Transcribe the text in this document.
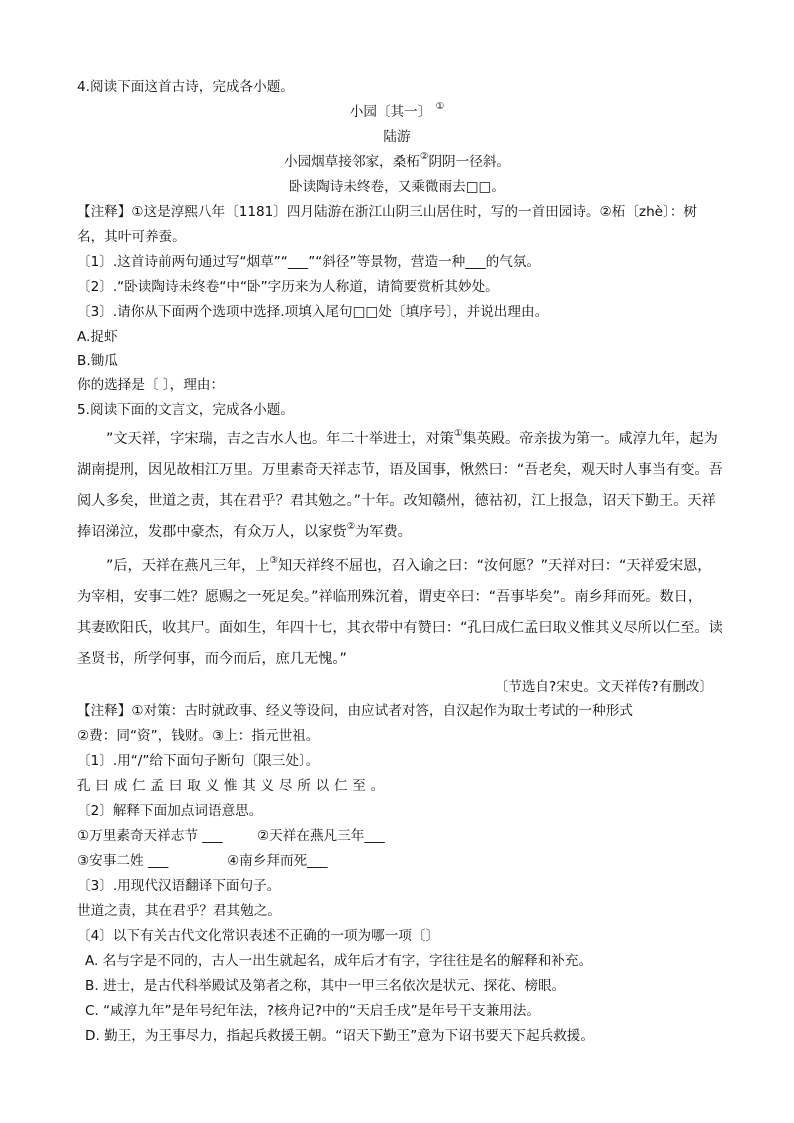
4.阅读下面这首古诗，完成各小题。
小园〔其一〕 ①
陆游
小园烟草接邻家，桑柘②阴阴一径斜。
卧读陶诗未终卷，又乘微雨去□□。
【注释】①这是淳熙八年〔1181〕四月陆游在浙江山阴三山居住时，写的一首田园诗。②柘〔zhè〕：树
名，其叶可养蚕。
〔1〕.这首诗前两句通过写“烟草”“___”“斜径”等景物，营造一种___的气氛。
〔2〕.“卧读陶诗未终卷“中“卧”字历来为人称道，请简要赏析其妙处。
〔3〕.请你从下面两个选项中选择.项填入尾句□□处〔填序号〕，并说出理由。
A.捉虾
B.锄瓜
你的选择是〔 〕，理由：
5.阅读下面的文言文，完成各小题。
”文天祥，字宋瑞，吉之吉水人也。年二十举进士，对策①集英殿。帝亲拔为第一。咸淳九年，起为
湖南提刑，因见故相江万里。万里素奇天祥志节，语及国事，愀然曰：“吾老矣，观天时人事当有变。吾
阅人多矣，世道之责，其在君乎？君其勉之。”十年。改知赣州，德祜初，江上报急，诏天下勤王。天祥
捧诏涕泣，发郡中豪杰，有众万人，以家赀②为军费。
”后，天祥在燕凡三年，上③知天祥终不屈也，召入谕之曰：“汝何愿？”天祥对曰：“天祥爱宋恩，
为宰相，安事二姓？愿赐之一死足矣。”祥临刑殊沉着，谓吏卒曰：“吾事毕矣”。南乡拜而死。数日，
其妻欧阳氏，收其尸。面如生，年四十七，其衣带中有赞曰：“孔曰成仁孟曰取义惟其义尽所以仁至。读
圣贤书，所学何事，而今而后，庶几无愧。”
〔节选自?宋史。文天祥传?有删改〕
【注释】①对策：古时就政事、经义等设问，由应试者对答，自汉起作为取士考试的一种形式
②费：同“资”，钱财。③上：指元世祖。
〔1〕.用“/”给下面句子断句〔限三处〕。
孔曰成仁孟曰取义惟其义尽所以仁至。
〔2〕解释下面加点词语意思。
①万里素奇天祥志节 ___	②天祥在燕凡三年___
③安事二姓 ___	④南乡拜而死___
〔3〕.用现代汉语翻译下面句子。
世道之责，其在君乎？君其勉之。
〔4〕以下有关古代文化常识表述不正确的一项为哪一项〔〕
A. 名与字是不同的，古人一出生就起名，成年后才有字，字往往是名的解释和补充。
B. 进士，是古代科举殿试及第者之称，其中一甲三名依次是状元、探花、榜眼。
C. “咸淳九年”是年号纪年法，?核舟记?中的“天启壬戌”是年号干支兼用法。
D. 勤王，为王事尽力，指起兵救援王朝。“诏天下勤王”意为下诏书要天下起兵救援。
